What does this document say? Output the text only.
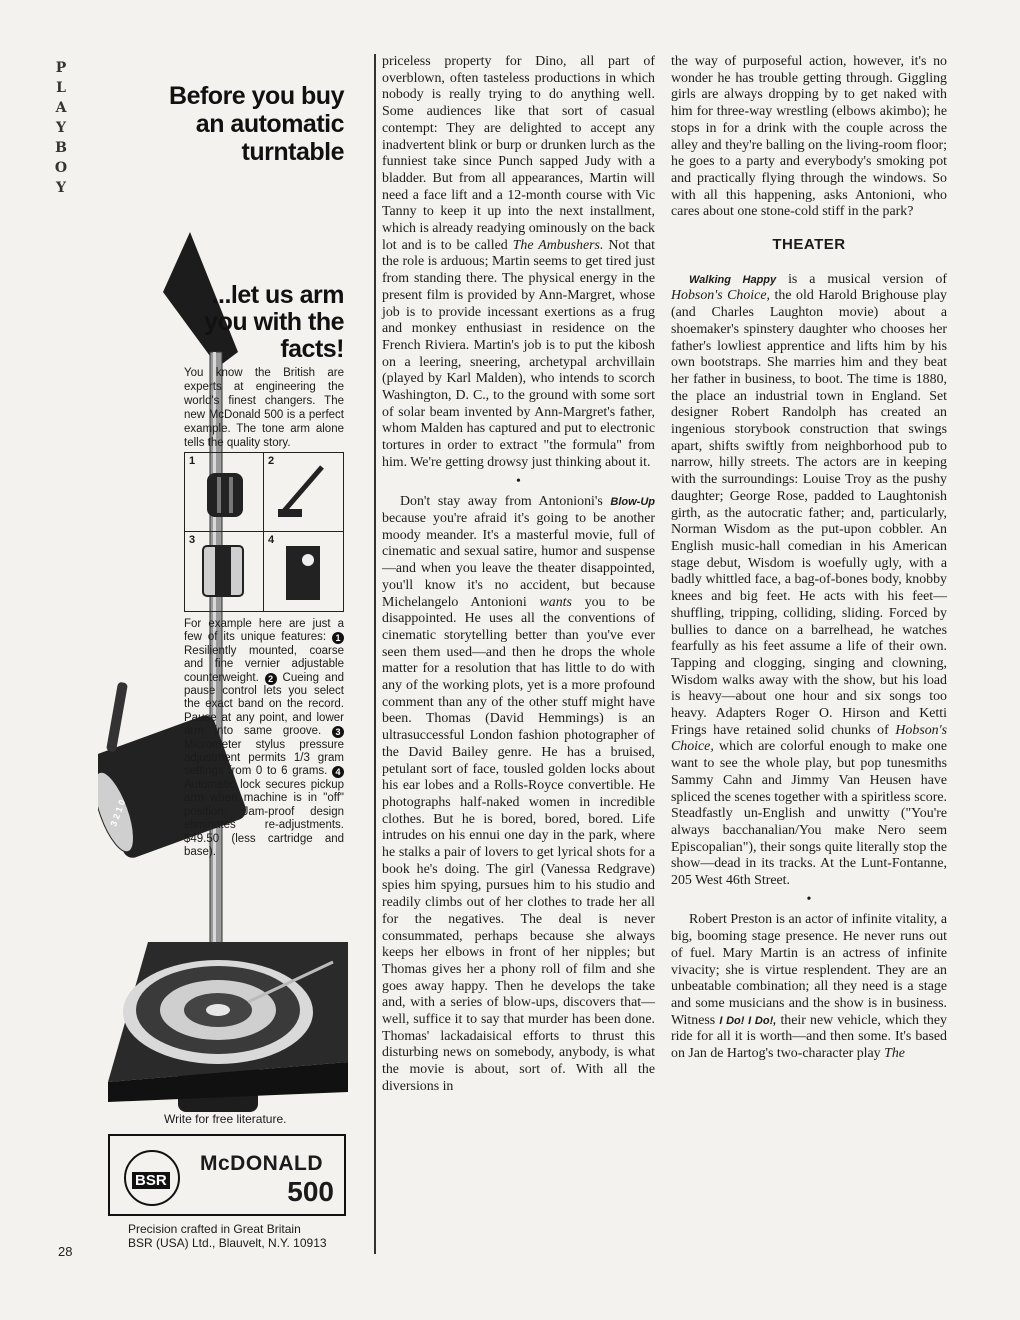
PLAYBOY
28
Before you buy an automatic turntable
3 2 1 0
...let us arm you with the facts!
You know the British are experts at engineering the world's finest changers. The new McDonald 500 is a perfect example. The tone arm alone tells the quality story.
1	2
3	4
For example here are just a few of its unique features: 1 Resiliently mounted, coarse and fine vernier adjustable counterweight. 2 Cueing and pause control lets you select the exact band on the record. Pause at any point, and lower arm into same groove. 3 Micrometer stylus pressure adjustment permits 1/3 gram settings from 0 to 6 grams. 4 Automatic lock secures pickup arm when machine is in "off" position. Jam-proof design eliminates re-adjustments. $49.50 (less cartridge and base).
Write for free literature.
BSR
McDONALD
500
Precision crafted in Great Britain
BSR (USA) Ltd., Blauvelt, N.Y. 10913

priceless property for Dino, all part of overblown, often tasteless productions in which nobody is really trying to do anything well. Some audiences like that sort of casual contempt: They are delighted to accept any inadvertent blink or burp or drunken lurch as the funniest take since Punch sapped Judy with a bladder. But from all appearances, Martin will need a face lift and a 12-month course with Vic Tanny to keep it up into the next installment, which is already readying ominously on the back lot and is to be called The Ambushers. Not that the role is arduous; Martin seems to get tired just from standing there. The physical energy in the present film is provided by Ann-Margret, whose job is to provide incessant exertions as a frug and monkey enthusiast in residence on the French Riviera. Martin's job is to put the kibosh on a leering, sneering, archetypal archvillain (played by Karl Malden), who intends to scorch Washington, D. C., to the ground with some sort of solar beam invented by Ann-Margret's father, whom Malden has captured and put to electronic tortures in order to extract "the formula" from him. We're getting drowsy just thinking about it.

•

Don't stay away from Antonioni's Blow-Up because you're afraid it's going to be another moody meander. It's a masterful movie, full of cinematic and sexual satire, humor and suspense—and when you leave the theater disappointed, you'll know it's no accident, but because Michelangelo Antonioni wants you to be disappointed. He uses all the conventions of cinematic storytelling better than you've ever seen them used—and then he drops the whole matter for a resolution that has little to do with any of the working plots, yet is a more profound comment than any of the other stuff might have been. Thomas (David Hemmings) is an ultrasuccessful London fashion photographer of the David Bailey genre. He has a bruised, petulant sort of face, tousled golden locks about his ear lobes and a Rolls-Royce convertible. He photographs half-naked women in incredible clothes. But he is bored, bored, bored. Life intrudes on his ennui one day in the park, where he stalks a pair of lovers to get lyrical shots for a book he's doing. The girl (Vanessa Redgrave) spies him spying, pursues him to his studio and readily climbs out of her clothes to trade her all for the negatives. The deal is never consummated, perhaps because she always keeps her elbows in front of her nipples; but Thomas gives her a phony roll of film and she goes away happy. Then he develops the take and, with a series of blow-ups, discovers that—well, suffice it to say that murder has been done. Thomas' lackadaisical efforts to thrust this disturbing news on somebody, anybody, is what the movie is about, sort of. With all the diversions in

the way of purposeful action, however, it's no wonder he has trouble getting through. Giggling girls are always dropping by to get naked with him for three-way wrestling (elbows akimbo); he stops in for a drink with the couple across the alley and they're balling on the living-room floor; he goes to a party and everybody's smoking pot and practically flying through the windows. So with all this happening, asks Antonioni, who cares about one stone-cold stiff in the park?

THEATER

Walking Happy is a musical version of Hobson's Choice, the old Harold Brighouse play (and Charles Laughton movie) about a shoemaker's spinstery daughter who chooses her father's lowliest apprentice and lifts him by his own bootstraps. She marries him and they beat her father in business, to boot. The time is 1880, the place an industrial town in England. Set designer Robert Randolph has created an ingenious storybook construction that swings apart, shifts swiftly from neighborhood pub to narrow, hilly streets. The actors are in keeping with the surroundings: Louise Troy as the pushy daughter; George Rose, padded to Laughtonish girth, as the autocratic father; and, particularly, Norman Wisdom as the put-upon cobbler. An English music-hall comedian in his American stage debut, Wisdom is woefully ugly, with a badly whittled face, a bag-of-bones body, knobby knees and big feet. He acts with his feet—shuffling, tripping, colliding, sliding. Forced by bullies to dance on a barrelhead, he watches fearfully as his feet assume a life of their own. Tapping and clogging, singing and clowning, Wisdom walks away with the show, but his load is heavy—about one hour and six songs too heavy. Adapters Roger O. Hirson and Ketti Frings have retained solid chunks of Hobson's Choice, which are colorful enough to make one want to see the whole play, but pop tunesmiths Sammy Cahn and Jimmy Van Heusen have spliced the scenes together with a spiritless score. Steadfastly un-English and unwitty ("You're always bacchanalian/You make Nero seem Episcopalian"), their songs quite literally stop the show—dead in its tracks. At the Lunt-Fontanne, 205 West 46th Street.

•

Robert Preston is an actor of infinite vitality, a big, booming stage presence. He never runs out of fuel. Mary Martin is an actress of infinite vivacity; she is virtue resplendent. They are an unbeatable combination; all they need is a stage and some musicians and the show is in business. Witness I Do! I Do!, their new vehicle, which they ride for all it is worth—and then some. It's based on Jan de Hartog's two-character play The
